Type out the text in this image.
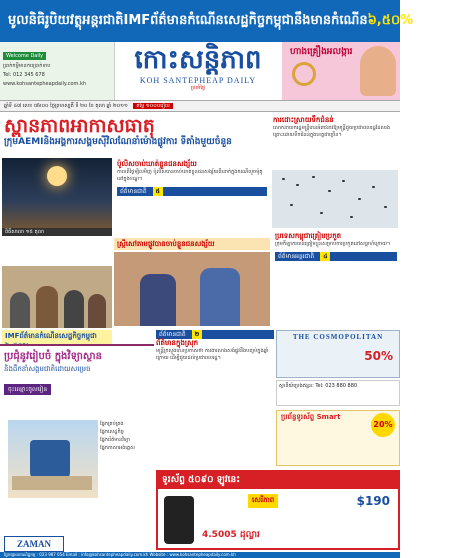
មូលនិធិរូបិយវត្ថុអន្តរជាតិIMFព័ត៌មានកំណើនសេដ្ឋកិច្ចកម្ពុជានឹងមានកំណើន៦,៥០%ទៅ៧%
Welcome Daily
ប្រាក់កម្ចីមានការប្រាក់ទាប
Tel: 012 345 678
www.kohsantepheapdaily.com.kh
កោះសន្តិភាព
KOH SANTEPHEAP DAILY
ប្រចាំថ្ងៃ
ហាងគ្រឿងអលង្ការ
ឆ្នាំទី ៤៧ លេខ ៧៦០០ ថ្ងៃព្រហស្បតិ៍ ទី ២០ ខែ តុលា ឆ្នាំ ២០១១ តម្លៃ ១០០០រៀល
ស្ពានភាពអាកាសធាតុ
ក្រុមAEMIនិងអង្គការសង្គមស៊ីវិលណែនាំម៉ោងផ្លូវការ ទីតាំងមួយចំនួន
ពិធីសាលា ១៥ តុលា
ប៉ូលិសចាប់ឃាត់ខ្លួនជនសង្ស័យ
កាលពីថ្ងៃម្សិលមិញ ប៉ូលិសបានចាប់ឃាត់ខ្លួនជនសង្ស័យពីរនាក់ក្នុងករណីលួចម៉ូតូនៅក្នុងខណ្ឌ។
ព័ត៌មានជាតិ ៥
ការដោះស្រាយទឹកជំនន់
លោកនាយករដ្ឋមន្ត្រីបានអំពាវនាវឱ្យមន្ត្រីជួយប្រជាពលរដ្ឋដែលរងគ្រោះដោយទឹកជំនន់ក្នុងខេត្តជាច្រើន។
ស្ត្រីសៅតាមផ្លូវបានចាប់ខ្លួនជនសង្ស័យ
ប្រទេសកម្ពុជាត្រៀមប្រកួត
ក្រុមកីឡាករបានត្រៀមខ្លួនសម្រាប់ការប្រកួតនៅសប្តាហ៍ក្រោយ។
ព័ត៌មានអន្តរជាតិ ៤
IMFព័ត៌មានកំណើនសេដ្ឋកិច្ចកម្ពុជា
ប្រជុំនូវរៀបចំ ក្នុងវិទ្យាស្ថាន
និងដឹកនាំសង្គមជាតិដោយសម្រេច
ចុះឈ្មោះចូលរៀន
ផ្នែកគ្រប់គ្រង
ផ្នែកសេដ្ឋកិច្ច
ផ្នែកព័ត៌មានវិទ្យា
ផ្នែកភាសាអង់គ្លេស
ZAMAN
ព័ត៌មានជាតិ ២
ព័ត៌មានក្នុងស្រុក
មន្ត្រីក្រសួងបានប្រកាសថា ការងារសាងសង់ផ្លូវនឹងបញ្ចប់ក្នុងឆ្នាំក្រោយ ដើម្បីជួយដល់ប្រជាពលរដ្ឋ។
THE COSMOPOLITAN
50%
ស្ថានីយ៍ប្រេងឥន្ធនៈ Tel: 023 880 880
ប្រព័ន្ធទូរស័ព្ទ Smart
20%
ទូរស័ព្ទ ៥០៩០ ឡូវនេះ
សេរីភាព	$190
4.5005 ដុល្លារ
ផ្នែកផ្សាយពាណិជ្ជកម្ម : 023 987 654 Email : info@kohsantepheapdaily.com.kh Website : www.kohsantepheapdaily.com.kh
